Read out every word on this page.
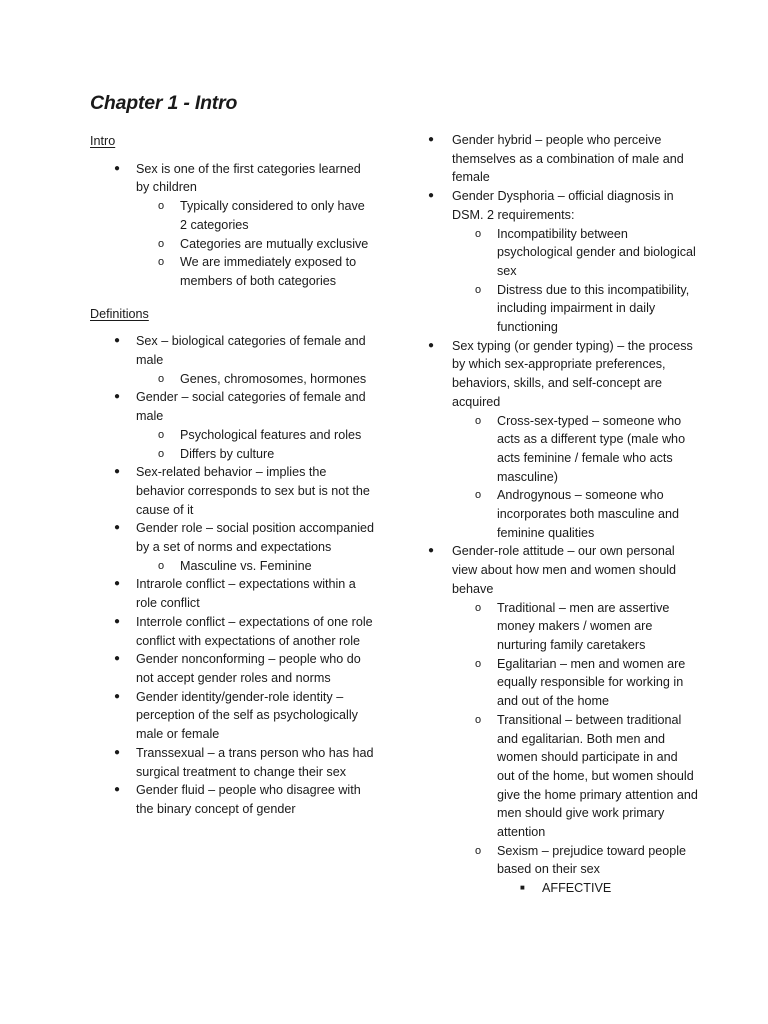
Chapter 1 - Intro
Intro
● Sex is one of the first categories learned by children
o Typically considered to only have 2 categories
o Categories are mutually exclusive
o We are immediately exposed to members of both categories
Definitions
● Sex – biological categories of female and male
o Genes, chromosomes, hormones
● Gender – social categories of female and male
o Psychological features and roles
o Differs by culture
● Sex-related behavior – implies the behavior corresponds to sex but is not the cause of it
● Gender role – social position accompanied by a set of norms and expectations
o Masculine vs. Feminine
● Intrarole conflict – expectations within a role conflict
● Interrole conflict – expectations of one role conflict with expectations of another role
● Gender nonconforming – people who do not accept gender roles and norms
● Gender identity/gender-role identity – perception of the self as psychologically male or female
● Transsexual – a trans person who has had surgical treatment to change their sex
● Gender fluid – people who disagree with the binary concept of gender
● Gender hybrid – people who perceive themselves as a combination of male and female
● Gender Dysphoria – official diagnosis in DSM. 2 requirements:
o Incompatibility between psychological gender and biological sex
o Distress due to this incompatibility, including impairment in daily functioning
● Sex typing (or gender typing) – the process by which sex-appropriate preferences, behaviors, skills, and self-concept are acquired
o Cross-sex-typed – someone who acts as a different type (male who acts feminine / female who acts masculine)
o Androgynous – someone who incorporates both masculine and feminine qualities
● Gender-role attitude – our own personal view about how men and women should behave
o Traditional – men are assertive money makers / women are nurturing family caretakers
o Egalitarian – men and women are equally responsible for working in and out of the home
o Transitional – between traditional and egalitarian. Both men and women should participate in and out of the home, but women should give the home primary attention and men should give work primary attention
o Sexism – prejudice toward people based on their sex
■ AFFECTIVE
